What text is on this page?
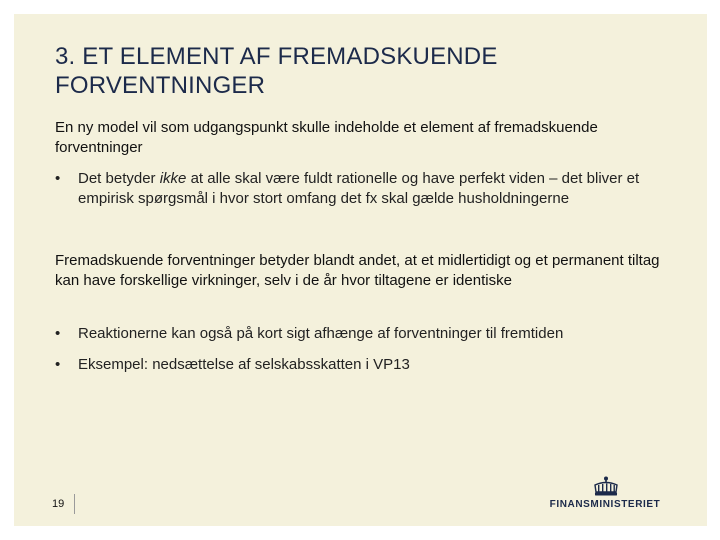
3. ET ELEMENT AF FREMADSKUENDE FORVENTNINGER
En ny model vil som udgangspunkt skulle indeholde et element af fremadskuende forventninger
•	Det betyder ikke at alle skal være fuldt rationelle og have perfekt viden – det bliver et empirisk spørgsmål i hvor stort omfang det fx skal gælde husholdningerne
Fremadskuende forventninger betyder blandt andet, at et midlertidigt og et permanent tiltag kan have forskellige virkninger, selv i de år hvor tiltagene er identiske
•	Reaktionerne kan også på kort sigt afhænge af forventninger til fremtiden
•	Eksempel: nedsættelse af selskabsskatten i VP13
19	FINANSMINISTERIET
